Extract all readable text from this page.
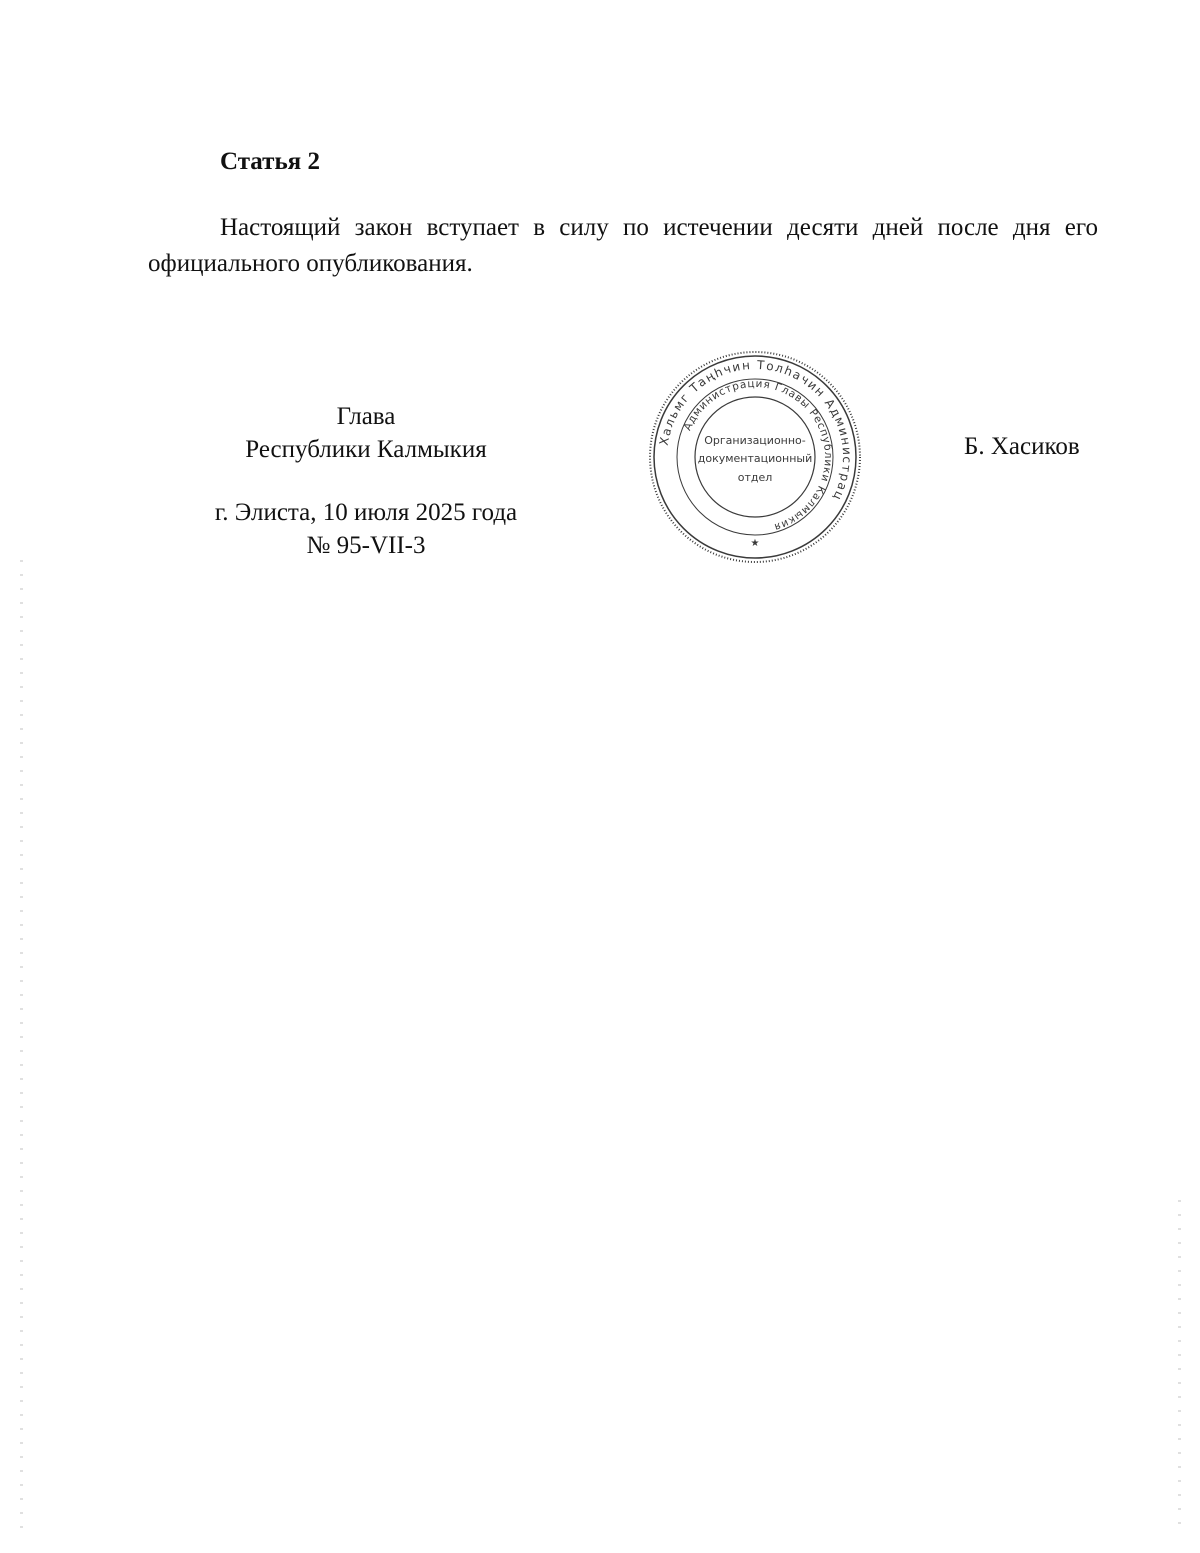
Статья 2

Настоящий закон вступает в силу по истечении десяти дней после дня его официального опубликования.

Глава
Республики Калмыкия
г. Элиста, 10 июля 2025 года
№ 95-VII-3
Б. Хасиков
Хальмг Таңһчин Толһачин Администрац
Администрация Главы Республики Калмыкия
Организационно-
документационный
отдел
★
